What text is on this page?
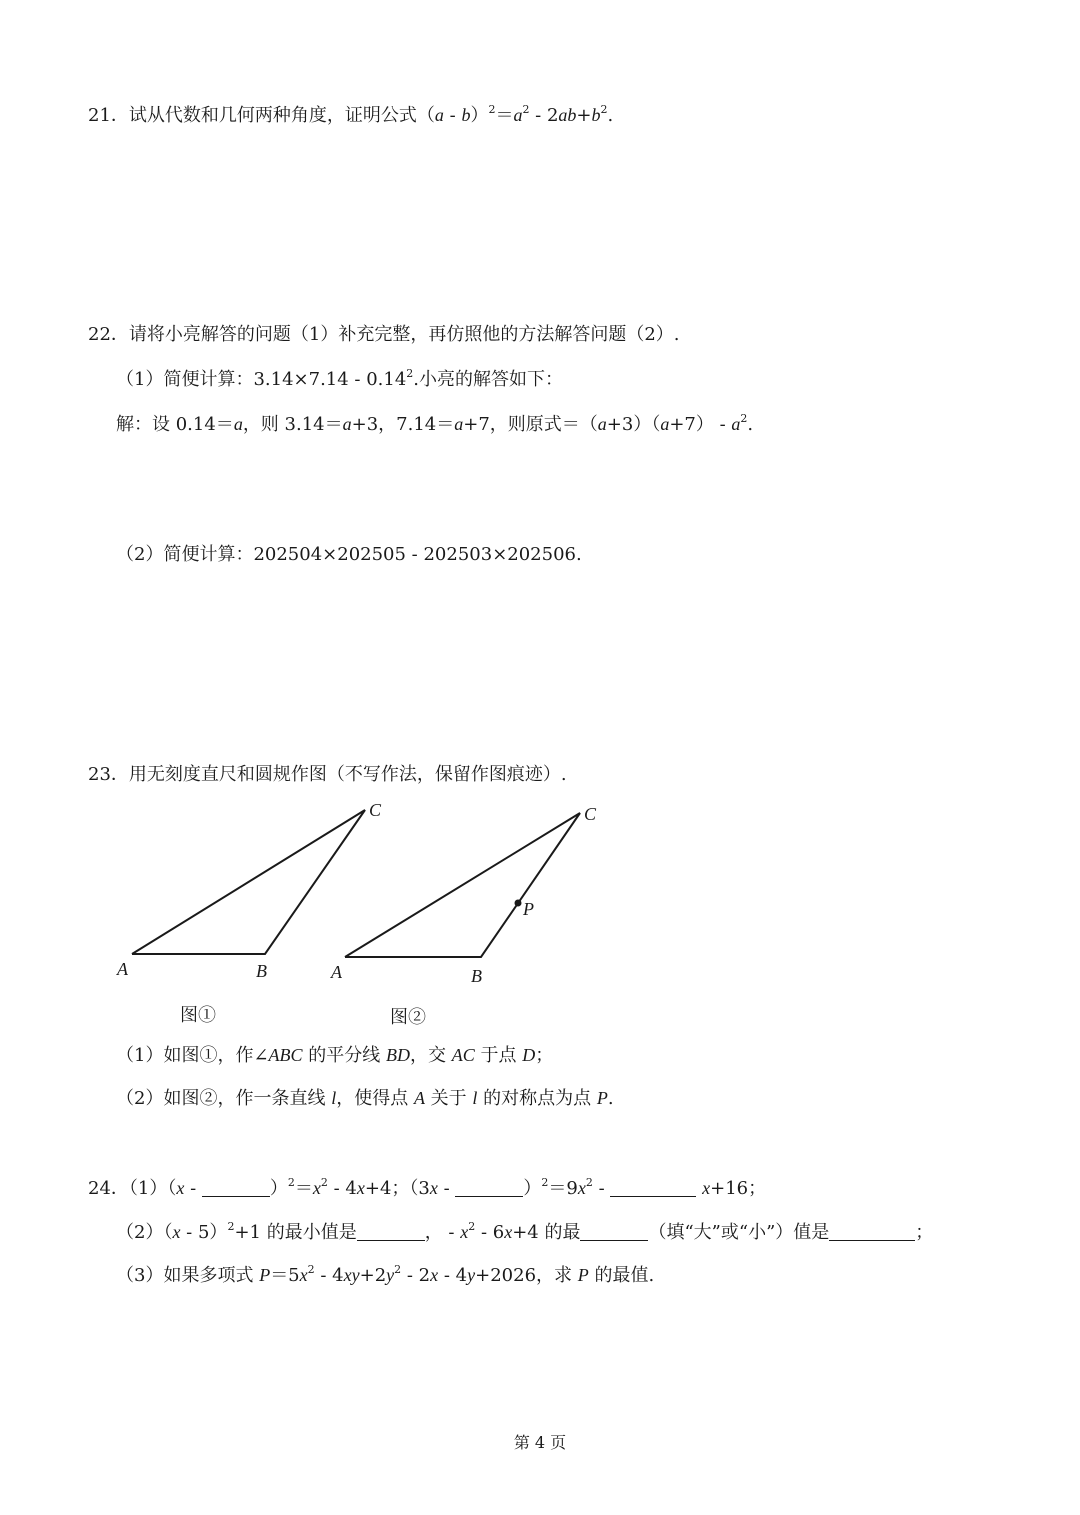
21．试从代数和几何两种角度，证明公式$(a - b)^2=a^2 - 2ab+b^2$.
22．请将小亮解答的问题（1）补充完整，再仿照他的方法解答问题（2）.
（1）简便计算：3.14×7.14 - 0.14$^2$.小亮的解答如下：
解：设 0.14＝a，则 3.14＝a+3，7.14＝a+7，则原式$=(a+3)(a+7) - a^2$.
（2）简便计算：202504×202505 - 202503×202506.
23．用无刻度直尺和圆规作图（不写作法，保留作图痕迹）.
A	B
C
A	B
C
P
图①	图②
（1）如图①，作∠ABC 的平分线 BD，交 AC 于点 D；
（2）如图②，作一条直线 l，使得点 A 关于 l 的对称点为点 P.
24．（1）（x -	）$^2=x^2 - 4x+4$；（3x -	）$^2=9x^2$ -	x+16；
（2）（x - 5）$^2$+1 的最小值是	， - $x^2 - 6x+4$ 的最	（填“大”或“小”）值是	；
（3）如果多项式 $P=5x^2 - 4xy+2y^2 - 2x - 4y+2026$，求 P 的最值.
第 4 页
